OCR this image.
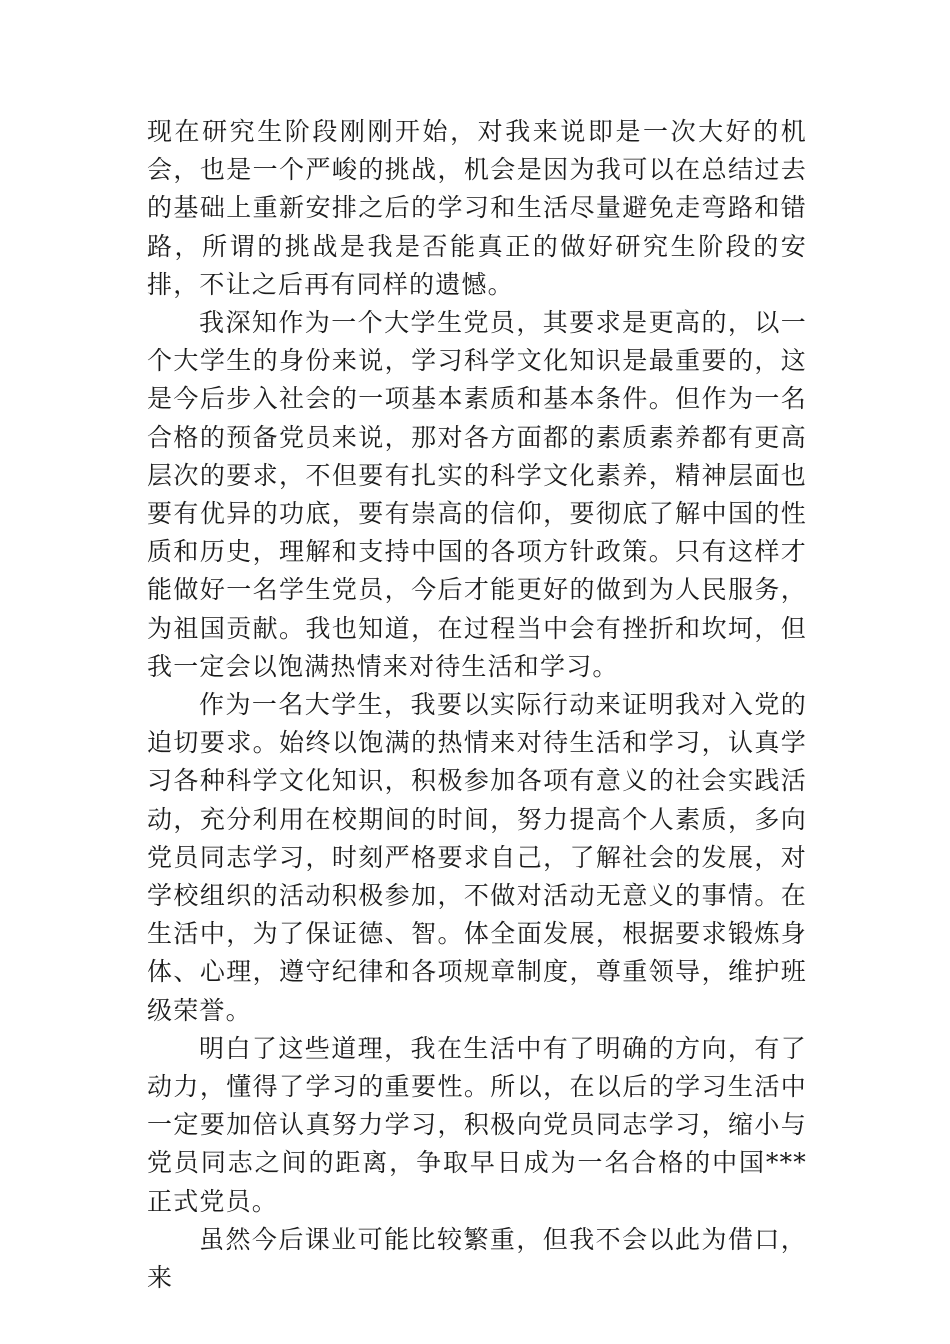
现在研究生阶段刚刚开始，对我来说即是一次大好的机会，也是一个严峻的挑战，机会是因为我可以在总结过去的基础上重新安排之后的学习和生活尽量避免走弯路和错路，所谓的挑战是我是否能真正的做好研究生阶段的安排，不让之后再有同样的遗憾。

我深知作为一个大学生党员，其要求是更高的，以一个大学生的身份来说，学习科学文化知识是最重要的，这是今后步入社会的一项基本素质和基本条件。但作为一名合格的预备党员来说，那对各方面都的素质素养都有更高层次的要求，不但要有扎实的科学文化素养，精神层面也要有优异的功底，要有崇高的信仰，要彻底了解中国的性质和历史，理解和支持中国的各项方针政策。只有这样才能做好一名学生党员，今后才能更好的做到为人民服务，为祖国贡献。我也知道，在过程当中会有挫折和坎坷，但我一定会以饱满热情来对待生活和学习。

作为一名大学生，我要以实际行动来证明我对入党的迫切要求。始终以饱满的热情来对待生活和学习，认真学习各种科学文化知识，积极参加各项有意义的社会实践活动，充分利用在校期间的时间，努力提高个人素质，多向党员同志学习，时刻严格要求自己，了解社会的发展，对学校组织的活动积极参加，不做对活动无意义的事情。在生活中，为了保证德、智。体全面发展，根据要求锻炼身体、心理，遵守纪律和各项规章制度，尊重领导，维护班级荣誉。

明白了这些道理，我在生活中有了明确的方向，有了动力，懂得了学习的重要性。所以，在以后的学习生活中一定要加倍认真努力学习，积极向党员同志学习，缩小与党员同志之间的距离，争取早日成为一名合格的中国***正式党员。

虽然今后课业可能比较繁重，但我不会以此为借口，来
